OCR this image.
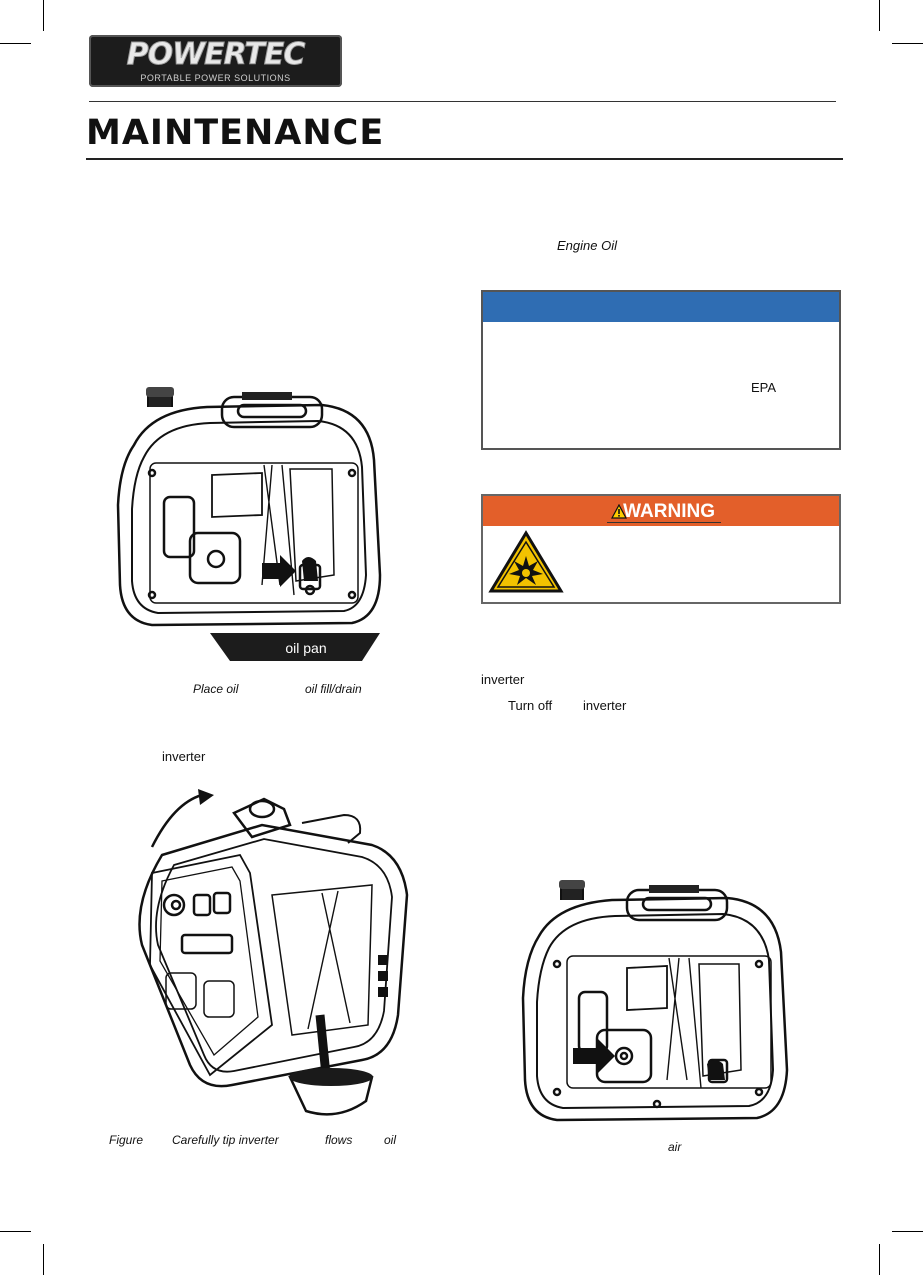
POWERTEC
PORTABLE POWER SOLUTIONS
MAINTENANCE
oil pan
Place oil	oil fill/drain
inverter
Figure Carefully tip inverter	flows	oil
Engine Oil
EPA
WARNING
inverter
Turn off inverter
air
